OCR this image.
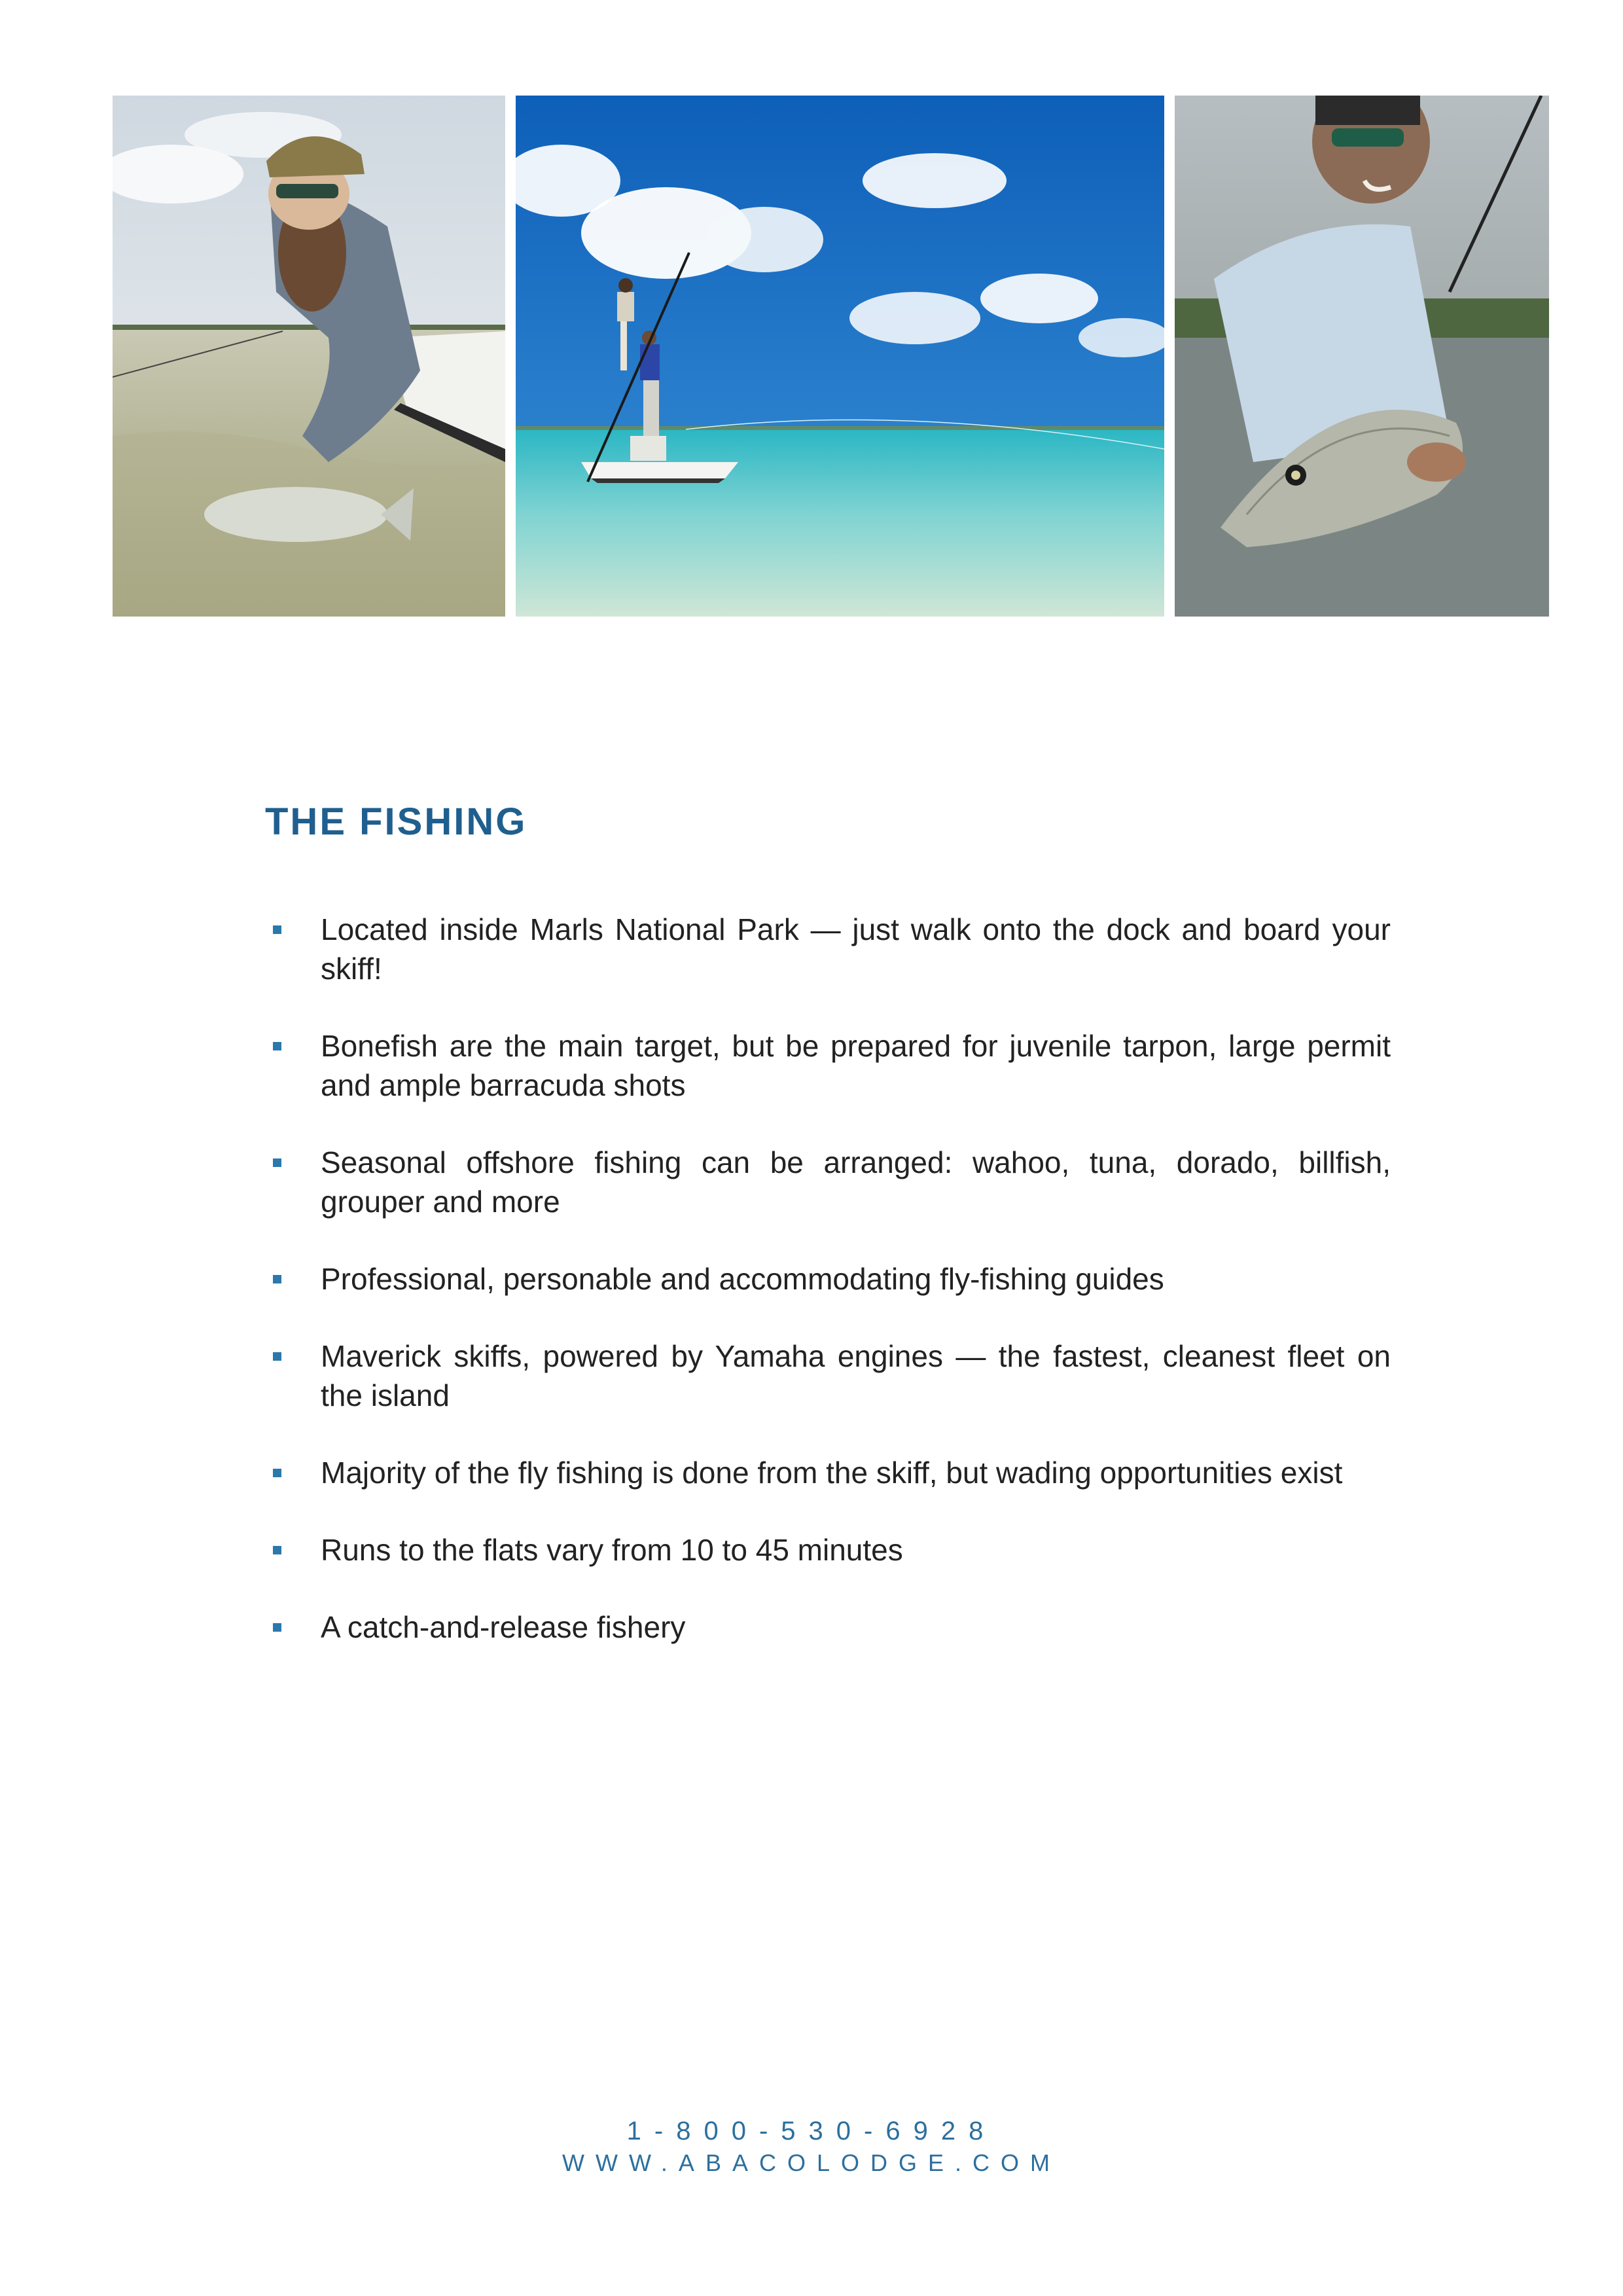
THE FISHING
Located inside Marls National Park — just walk onto the dock and board your skiff!
Bonefish are the main target, but be prepared for juvenile tarpon, large permit and ample barracuda shots
Seasonal offshore fishing can be arranged: wahoo, tuna, dorado, billfish, grouper and more
Professional, personable and accommodating fly-fishing guides
Maverick skiffs, powered by Yamaha engines — the fastest, cleanest fleet on the island
Majority of the fly fishing is done from the skiff, but wading opportunities exist
Runs to the flats vary from 10 to 45 minutes
A catch-and-release fishery
1-800-530-6928
WWW.ABACOLODGE.COM
